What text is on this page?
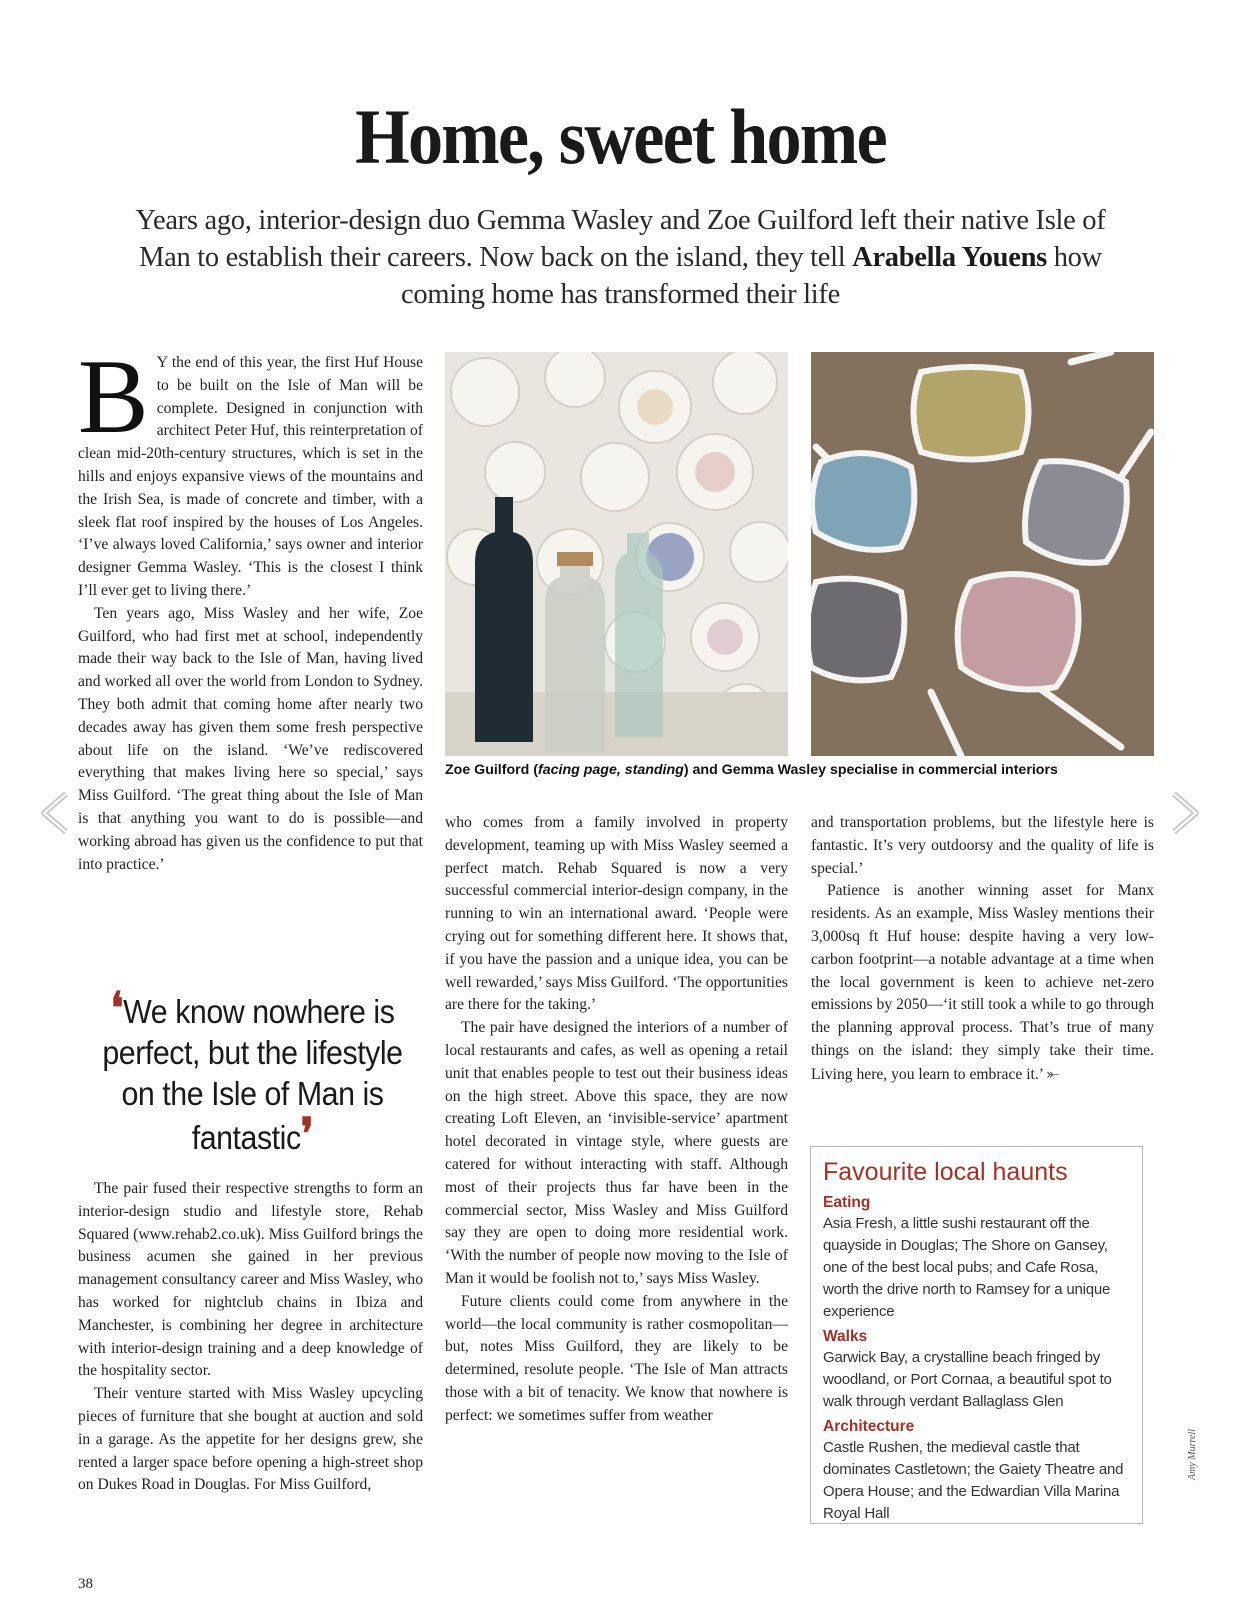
Home, sweet home
Years ago, interior-design duo Gemma Wasley and Zoe Guilford left their native Isle of Man to establish their careers. Now back on the island, they tell Arabella Youens how coming home has transformed their life
B Y the end of this year, the first Huf House to be built on the Isle of Man will be complete. Designed in conjunction with architect Peter Huf, this reinterpretation of clean mid-20th-century structures, which is set in the hills and enjoys expansive views of the mountains and the Irish Sea, is made of concrete and timber, with a sleek flat roof inspired by the houses of Los Angeles. ‘I’ve always loved California,’ says owner and interior designer Gemma Wasley. ‘This is the closest I think I’ll ever get to living there.’

Ten years ago, Miss Wasley and her wife, Zoe Guilford, who had first met at school, independently made their way back to the Isle of Man, having lived and worked all over the world from London to Sydney. They both admit that coming home after nearly two decades away has given them some fresh perspective about life on the island. ‘We’ve rediscovered everything that makes living here so special,’ says Miss Guilford. ‘The great thing about the Isle of Man is that anything you want to do is possible—and working abroad has given us the confidence to put that into practice.’

❛We know nowhere is perfect, but the lifestyle on the Isle of Man is fantastic❜

The pair fused their respective strengths to form an interior-design studio and lifestyle store, Rehab Squared (www.rehab2.co.uk). Miss Guilford brings the business acumen she gained in her previous management consultancy career and Miss Wasley, who has worked for nightclub chains in Ibiza and Manchester, is combining her degree in architecture with interior-design training and a deep knowledge of the hospitality sector.

Their venture started with Miss Wasley upcycling pieces of furniture that she bought at auction and sold in a garage. As the appetite for her designs grew, she rented a larger space before opening a high-street shop on Dukes Road in Douglas. For Miss Guilford,

Zoe Guilford (facing page, standing) and Gemma Wasley specialise in commercial interiors

who comes from a family involved in property development, teaming up with Miss Wasley seemed a perfect match. Rehab Squared is now a very successful commercial interior-design company, in the running to win an international award. ‘People were crying out for something different here. It shows that, if you have the passion and a unique idea, you can be well rewarded,’ says Miss Guilford. ‘The opportunities are there for the taking.’

The pair have designed the interiors of a number of local restaurants and cafes, as well as opening a retail unit that enables people to test out their business ideas on the high street. Above this space, they are now creating Loft Eleven, an ‘invisible-service’ apartment hotel decorated in vintage style, where guests are catered for without interacting with staff. Although most of their projects thus far have been in the commercial sector, Miss Wasley and Miss Guilford say they are open to doing more residential work. ‘With the number of people now moving to the Isle of Man it would be foolish not to,’ says Miss Wasley.

Future clients could come from anywhere in the world—the local community is rather cosmopolitan—but, notes Miss Guilford, they are likely to be determined, resolute people. ‘The Isle of Man attracts those with a bit of tenacity. We know that nowhere is perfect: we sometimes suffer from weather

and transportation problems, but the lifestyle here is fantastic. It’s very outdoorsy and the quality of life is special.’

Patience is another winning asset for Manx residents. As an example, Miss Wasley mentions their 3,000sq ft Huf house: despite having a very low-carbon footprint—a notable advantage at a time when the local government is keen to achieve net-zero emissions by 2050—‘it still took a while to go through the planning approval process. That’s true of many things on the island: they simply take their time. Living here, you learn to embrace it.’ ⤜

Favourite local haunts
Eating

Asia Fresh, a little sushi restaurant off the quayside in Douglas; The Shore on Gansey, one of the best local pubs; and Cafe Rosa, worth the drive north to Ramsey for a unique experience

Walks

Garwick Bay, a crystalline beach fringed by woodland, or Port Cornaa, a beautiful spot to walk through verdant Ballaglass Glen

Architecture

Castle Rushen, the medieval castle that dominates Castletown; the Gaiety Theatre and Opera House; and the Edwardian Villa Marina Royal Hall

38
Amy Murrell
